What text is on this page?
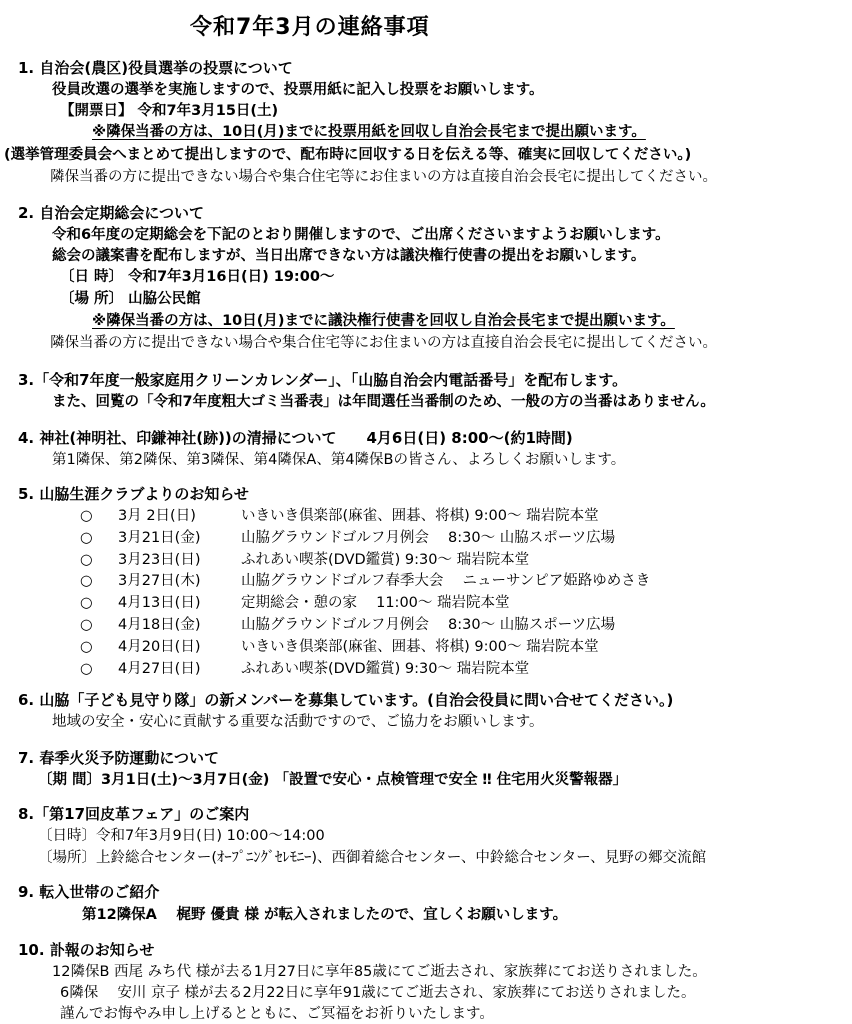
令和7年3月の連絡事項
1. 自治会(農区)役員選挙の投票について
役員改選の選挙を実施しますので、投票用紙に記入し投票をお願いします。
【開票日】 令和7年3月15日(土)
※隣保当番の方は、10日(月)までに投票用紙を回収し自治会長宅まで提出願います。
(選挙管理委員会へまとめて提出しますので、配布時に回収する日を伝える等、確実に回収してください。)
隣保当番の方に提出できない場合や集合住宅等にお住まいの方は直接自治会長宅に提出してください。
2. 自治会定期総会について
令和6年度の定期総会を下記のとおり開催しますので、ご出席くださいますようお願いします。
総会の議案書を配布しますが、当日出席できない方は議決権行使書の提出をお願いします。
〔日 時〕 令和7年3月16日(日) 19:00〜
〔場 所〕 山脇公民館
※隣保当番の方は、10日(月)までに議決権行使書を回収し自治会長宅まで提出願います。
隣保当番の方に提出できない場合や集合住宅等にお住まいの方は直接自治会長宅に提出してください。
3.「令和7年度一般家庭用クリーンカレンダー」、「山脇自治会内電話番号」を配布します。
また、回覧の「令和7年度粗大ゴミ当番表」は年間選任当番制のため、一般の方の当番はありません。
4. 神社(神明社、印鎌神社(跡))の清掃について　　4月6日(日) 8:00〜(約1時間)
第1隣保、第2隣保、第3隣保、第4隣保A、第4隣保Bの皆さん、よろしくお願いします。
5. 山脇生涯クラブよりのお知らせ
○ 3月 2日(日)	いきいき倶楽部(麻雀、囲碁、将棋) 9:00〜 瑞岩院本堂
○ 3月21日(金)	山脇グラウンドゴルフ月例会　 8:30〜 山脇スポーツ広場
○ 3月23日(日)	ふれあい喫茶(DVD鑑賞) 9:30〜 瑞岩院本堂
○ 3月27日(木)	山脇グラウンドゴルフ春季大会　 ニューサンピア姫路ゆめさき
○ 4月13日(日)	定期総会・憩の家　 11:00〜 瑞岩院本堂
○ 4月18日(金)	山脇グラウンドゴルフ月例会　 8:30〜 山脇スポーツ広場
○ 4月20日(日)	いきいき倶楽部(麻雀、囲碁、将棋) 9:00〜 瑞岩院本堂
○ 4月27日(日)	ふれあい喫茶(DVD鑑賞) 9:30〜 瑞岩院本堂
6. 山脇「子ども見守り隊」の新メンバーを募集しています。(自治会役員に問い合せてください。)
地域の安全・安心に貢献する重要な活動ですので、ご協力をお願いします。
7. 春季火災予防運動について
〔期 間〕3月1日(土)〜3月7日(金) 「設置で安心・点検管理で安全 ‼ 住宅用火災警報器」
8.「第17回皮革フェア」のご案内
〔日時〕令和7年3月9日(日) 10:00〜14:00
〔場所〕上鈴総合センター(ｵｰﾌﾟﾆﾝｸﾞｾﾚﾓﾆｰ)、西御着総合センター、中鈴総合センター、見野の郷交流館
9. 転入世帯のご紹介
第12隣保A　 梶野 優貴 様 が転入されましたので、宜しくお願いします。
10. 訃報のお知らせ
12隣保B 西尾 みち代 様が去る1月27日に享年85歳にてご逝去され、家族葬にてお送りされました。
6隣保　 安川 京子 様が去る2月22日に享年91歳にてご逝去され、家族葬にてお送りされました。
謹んでお悔やみ申し上げるとともに、ご冥福をお祈りいたします。
